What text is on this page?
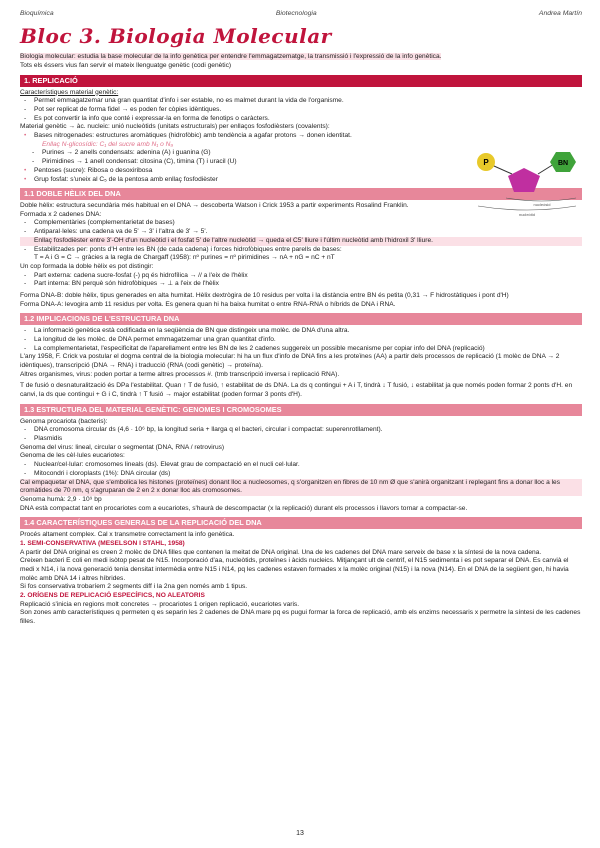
Bioquímica	Biotecnologia	Andrea Martín
Bloc 3. Biologia Molecular

Biologia molecular: estudia la base molecular de la info genètica per entendre l'emmagatzematge, la transmissió i l'expressió de la info genètica.

Tots els éssers vius fan servir el mateix llenguatge genètic (codi genètic)

1. REPLICACIÓ

Característiques material genètic:

- Permet emmagatzemar una gran quantitat d'info i ser estable, no es malmet durant la vida de l'organisme.
- Pot ser replicat de forma fidel → es poden fer còpies idèntiques.
- Es pot convertir la info que conté i expressar-la en forma de fenotips o caràcters.

Material genètic → àc. nucleic: unió nucleòtids (unitats estructurals) per enllaços fosfodièsters (covalents):

• Bases nitrogenades: estructures aromàtiques (hidrofòbic) amb tendència a agafar protons → donen identitat.

Enllaç N-glicosídic: C₁ del sucre amb N₁ o N₉

- Purines → 2 anells condensats: adenina (A) i guanina (G)
- Pirimidines → 1 anell condensat: citosina (C), timina (T) i uracil (U)
• Pentoses (sucre): Ribosa o desoxiribosa
• Grup fosfat: s'uneix al C₅ de la pentosa amb enllaç fosfodièster
1.1 DOBLE HÈLIX DEL DNA

Doble hèlix: estructura secundària més habitual en el DNA → descoberta Watson i Crick 1953 a partir experiments Rosalind Franklin.

Formada x 2 cadenes DNA:

- Complementàries (complementarietat de bases)
- Antiparal·leles: una cadena va de 5' → 3' i l'altra de 3' → 5'.

Enllaç fosfodièster entre 3'-OH d'un nucleòtid i el fosfat 5' de l'altre nucleòtid → queda el C5' lliure i l'últim nucleòtid amb l'hidroxil 3' lliure.

- Estabilitzades per: ponts d'H entre les BN (de cada cadena) i forces hidrofòbiques entre parells de bases:

T = A i G = C → gràcies a la regla de Chargaff (1958): nº purines = nº pirimidines → nA + nG = nC + nT

Un cop formada la doble hèlix es pot distingir:

- Part externa: cadena sucre-fosfat (-) pq és hidrofílica → // a l'eix de l'hèlix
- Part interna: BN perquè són hidrofòbiques → ⊥ a l'eix de l'hèlix

Forma DNA-B: doble hèlix, tipus generades en alta humitat. Hèlix dextrògira de 10 residus per volta i la distància entre BN és petita (0,31 → F hidrostàtiques i pont d'H)

Forma DNA-A: levogira amb 11 residus per volta. Es genera quan hi ha baixa humitat o entre RNA-RNA o híbrids de DNA i RNA.

1.2 IMPLICACIONS DE L'ESTRUCTURA DNA
- La informació genètica està codificada en la seqüència de BN que distingeix una molèc. de DNA d'una altra.
- La longitud de les molèc. de DNA permet emmagatzemar una gran quantitat d'info.
- La complementarietat, l'especificitat de l'aparellament entre les BN de les 2 cadenes suggereix un possible mecanisme per copiar info del DNA (replicació)

L'any 1958, F. Crick va postular el dogma central de la biologia molecular: hi ha un flux d'info de DNA fins a les proteïnes (AA) a partir dels processos de replicació (1 molèc de DNA → 2 idèntiques), transcripció (DNA → RNA) i traducció (RNA (codi genètic) → proteïna).

Altres organismes, virus: poden portar a terme altres processos #. (tmb transcripció inversa i replicació RNA).

T de fusió o desnaturalització és DPa l'estabilitat. Quan ↑ T de fusió, ↑ estabilitat de ds DNA. La ds q contingui + A i T, tindrà ↓ T fusió, ↓ estabilitat ja que només poden formar 2 ponts d'H. en canvi, la ds que contingui + G i C, tindrà ↑ T fusió → major estabilitat (poden formar 3 ponts d'H).

1.3 ESTRUCTURA DEL MATERIAL GENÈTIC: GENOMES I CROMOSOMES

Genoma procariota (bacteris):

- DNA cromosoma circular ds (4,6 · 10⁶ bp, la longitud seria + llarga q el bacteri, circular i compactat: superenrotllament).
- Plasmidis

Genoma del virus: lineal, circular o segmentat (DNA, RNA / retrovirus)

Genoma de les cèl·lules eucariotes:

- Nuclear/cel·lular: cromosomes lineals (ds). Elevat grau de compactació en el nucli cel·lular.
- Mitocondri i cloroplasts (1%): DNA circular (ds)

Cal empaquetar el DNA, que s'embolica les histones (proteïnes) donant lloc a nucleosomes, q s'organitzen en fibres de 10 nm Ø que s'anirà organitzant i replegant fins a donar lloc a les cromàtides de 70 nm, q s'agruparan de 2 en 2 x donar lloc als cromosomes.

Genoma humà: 2,9 · 10⁹ bp

DNA està compactat tant en procariotes com a eucariotes, s'haurà de descompactar (x la replicació) durant els processos i llavors tornar a compactar-se.

1.4 CARACTERÍSTIQUES GENERALS DE LA REPLICACIÓ DEL DNA

Procés altament complex. Cal x transmetre correctament la info genètica.

1. SEMI-CONSERVATIVA (MESELSON I STAHL, 1958)

A partir del DNA original es creen 2 molèc de DNA filles que contenen la meitat de DNA original. Una de les cadenes del DNA mare serveix de base x la síntesi de la nova cadena.

Creixen bacteri E coli en medi isòtop pesat de N15. Incorporació d'aa, nucleòtids, proteïnes i àcids nucleics. Mitjançant ult de centrif, el N15 sedimenta i es pot separar el DNA. Es canvià el medi x N14, i la nova generació tenia densitat intermèdia entre N15 i N14, pq les cadenes estaven formades x la molèc original (N15) i la nova (N14). En el DNA de la següent gen, hi havia molèc amb DNA 14 i altres híbrides.

Si fos conservativa trobaríem 2 segments diff i la 2na gen només amb 1 tipus.

2. ORÍGENS DE REPLICACIÓ ESPECÍFICS, NO ALEATORIS

Replicació s'inicia en regions molt concretes → procariotes 1 origen replicació, eucariotes varis.

Son zones amb característiques q permeten q es separin les 2 cadenes de DNA mare pq es pugui formar la forca de replicació, amb els enzims necessaris x permetre la síntesi de les cadenes filles.

P	BN
nucleòsid
nucleòtid
13
